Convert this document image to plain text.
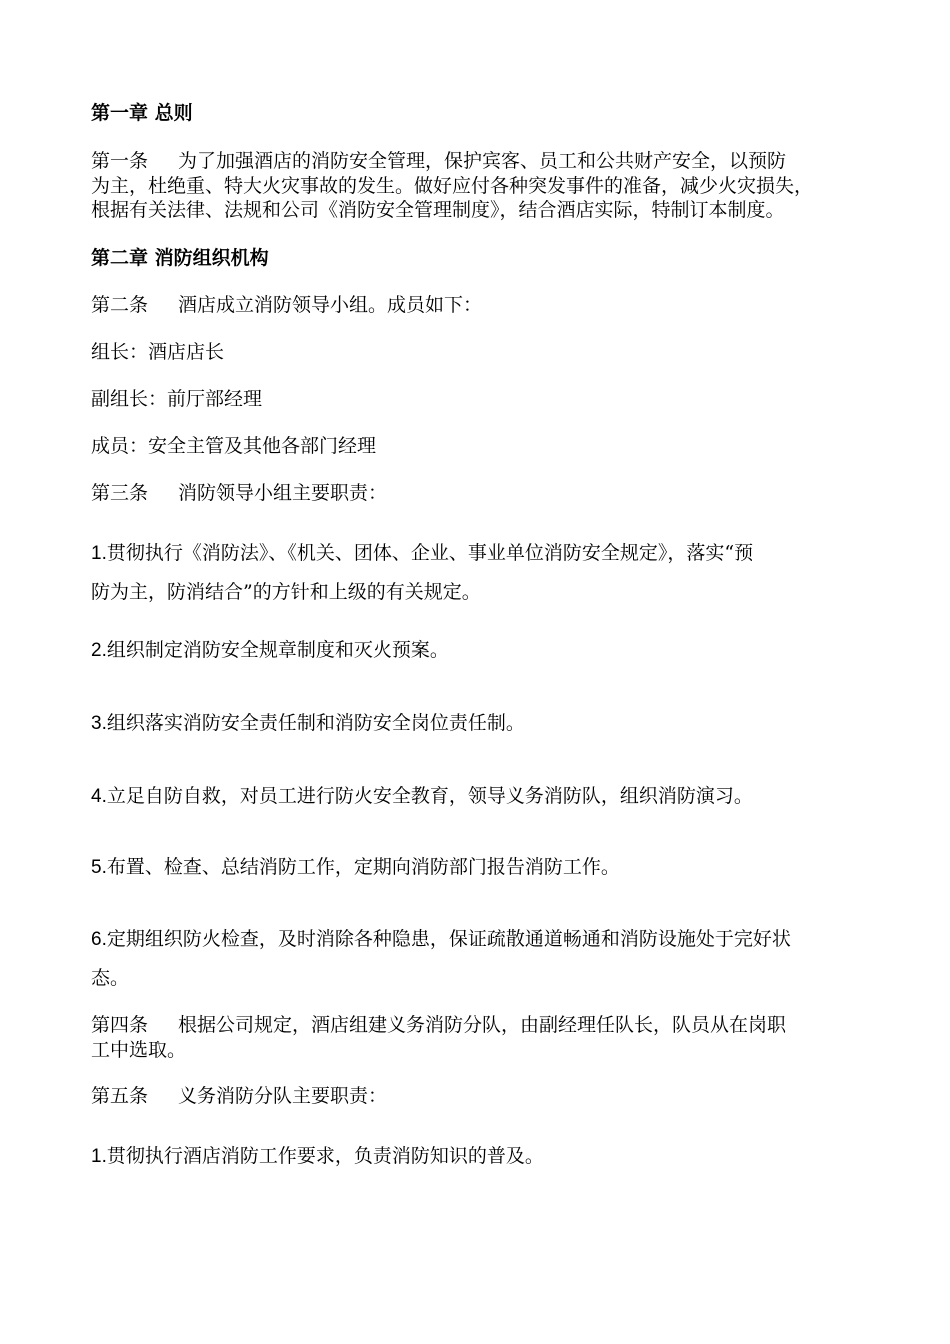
第一章 总则

第一条 为了加强酒店的消防安全管理，保护宾客、员工和公共财产安全，以预防
为主，杜绝重、特大火灾事故的发生。做好应付各种突发事件的准备，减少火灾损失，
根据有关法律、法规和公司《消防安全管理制度》，结合酒店实际，特制订本制度。

第二章 消防组织机构

第二条 酒店成立消防领导小组。成员如下：

组长：酒店店长

副组长：前厅部经理

成员：安全主管及其他各部门经理

第三条 消防领导小组主要职责：

1.贯彻执行《消防法》、《机关、团体、企业、事业单位消防安全规定》，落实“预
防为主，防消结合”的方针和上级的有关规定。

2.组织制定消防安全规章制度和灭火预案。

3.组织落实消防安全责任制和消防安全岗位责任制。

4.立足自防自救，对员工进行防火安全教育，领导义务消防队，组织消防演习。

5.布置、检查、总结消防工作，定期向消防部门报告消防工作。

6.定期组织防火检查，及时消除各种隐患，保证疏散通道畅通和消防设施处于完好状
态。

第四条 根据公司规定，酒店组建义务消防分队，由副经理任队长，队员从在岗职
工中选取。

第五条 义务消防分队主要职责：

1.贯彻执行酒店消防工作要求，负责消防知识的普及。
